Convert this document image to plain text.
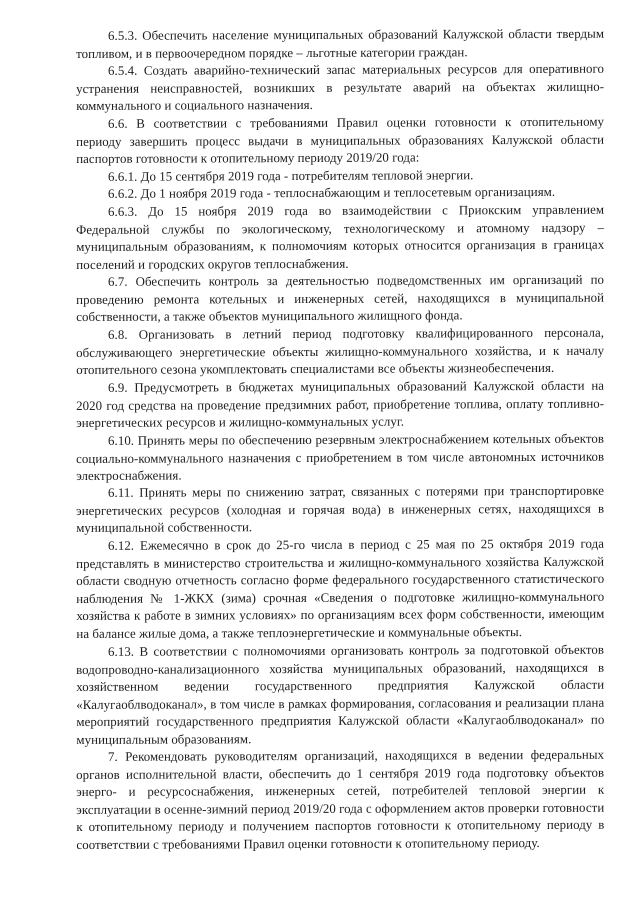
6.5.3. Обеспечить население муниципальных образований Калужской области твердым топливом, и в первоочередном порядке – льготные категории граждан.

6.5.4. Создать аварийно-технический запас материальных ресурсов для оперативного устранения неисправностей, возникших в результате аварий на объектах жилищно-коммунального и социального назначения.

6.6. В соответствии с требованиями Правил оценки готовности к отопительному периоду завершить процесс выдачи в муниципальных образованиях Калужской области паспортов готовности к отопительному периоду 2019/20 года:

6.6.1. До 15 сентября 2019 года - потребителям тепловой энергии.

6.6.2. До 1 ноября 2019 года - теплоснабжающим и теплосетевым организациям.

6.6.3. До 15 ноября 2019 года во взаимодействии с Приокским управлением Федеральной службы по экологическому, технологическому и атомному надзору – муниципальным образованиям, к полномочиям которых относится организация в границах поселений и городских округов теплоснабжения.

6.7. Обеспечить контроль за деятельностью подведомственных им организаций по проведению ремонта котельных и инженерных сетей, находящихся в муниципальной собственности, а также объектов муниципального жилищного фонда.

6.8. Организовать в летний период подготовку квалифицированного персонала, обслуживающего энергетические объекты жилищно-коммунального хозяйства, и к началу отопительного сезона укомплектовать специалистами все объекты жизнеобеспечения.

6.9. Предусмотреть в бюджетах муниципальных образований Калужской области на 2020 год средства на проведение предзимних работ, приобретение топлива, оплату топливно-энергетических ресурсов и жилищно-коммунальных услуг.

6.10. Принять меры по обеспечению резервным электроснабжением котельных объектов социально-коммунального назначения с приобретением в том числе автономных источников электроснабжения.

6.11. Принять меры по снижению затрат, связанных с потерями при транспортировке энергетических ресурсов (холодная и горячая вода) в инженерных сетях, находящихся в муниципальной собственности.

6.12. Ежемесячно в срок до 25-го числа в период с 25 мая по 25 октября 2019 года представлять в министерство строительства и жилищно-коммунального хозяйства Калужской области сводную отчетность согласно форме федерального государственного статистического наблюдения № 1-ЖКХ (зима) срочная «Сведения о подготовке жилищно-коммунального хозяйства к работе в зимних условиях» по организациям всех форм собственности, имеющим на балансе жилые дома, а также теплоэнергетические и коммунальные объекты.

6.13. В соответствии с полномочиями организовать контроль за подготовкой объектов водопроводно-канализационного хозяйства муниципальных образований, находящихся в хозяйственном ведении государственного предприятия Калужской области «Калугаоблводоканал», в том числе в рамках формирования, согласования и реализации плана мероприятий государственного предприятия Калужской области «Калугаоблводоканал» по муниципальным образованиям.

7. Рекомендовать руководителям организаций, находящихся в ведении федеральных органов исполнительной власти, обеспечить до 1 сентября 2019 года подготовку объектов энерго- и ресурсоснабжения, инженерных сетей, потребителей тепловой энергии к эксплуатации в осенне-зимний период 2019/20 года с оформлением актов проверки готовности к отопительному периоду и получением паспортов готовности к отопительному периоду в соответствии с требованиями Правил оценки готовности к отопительному периоду.
